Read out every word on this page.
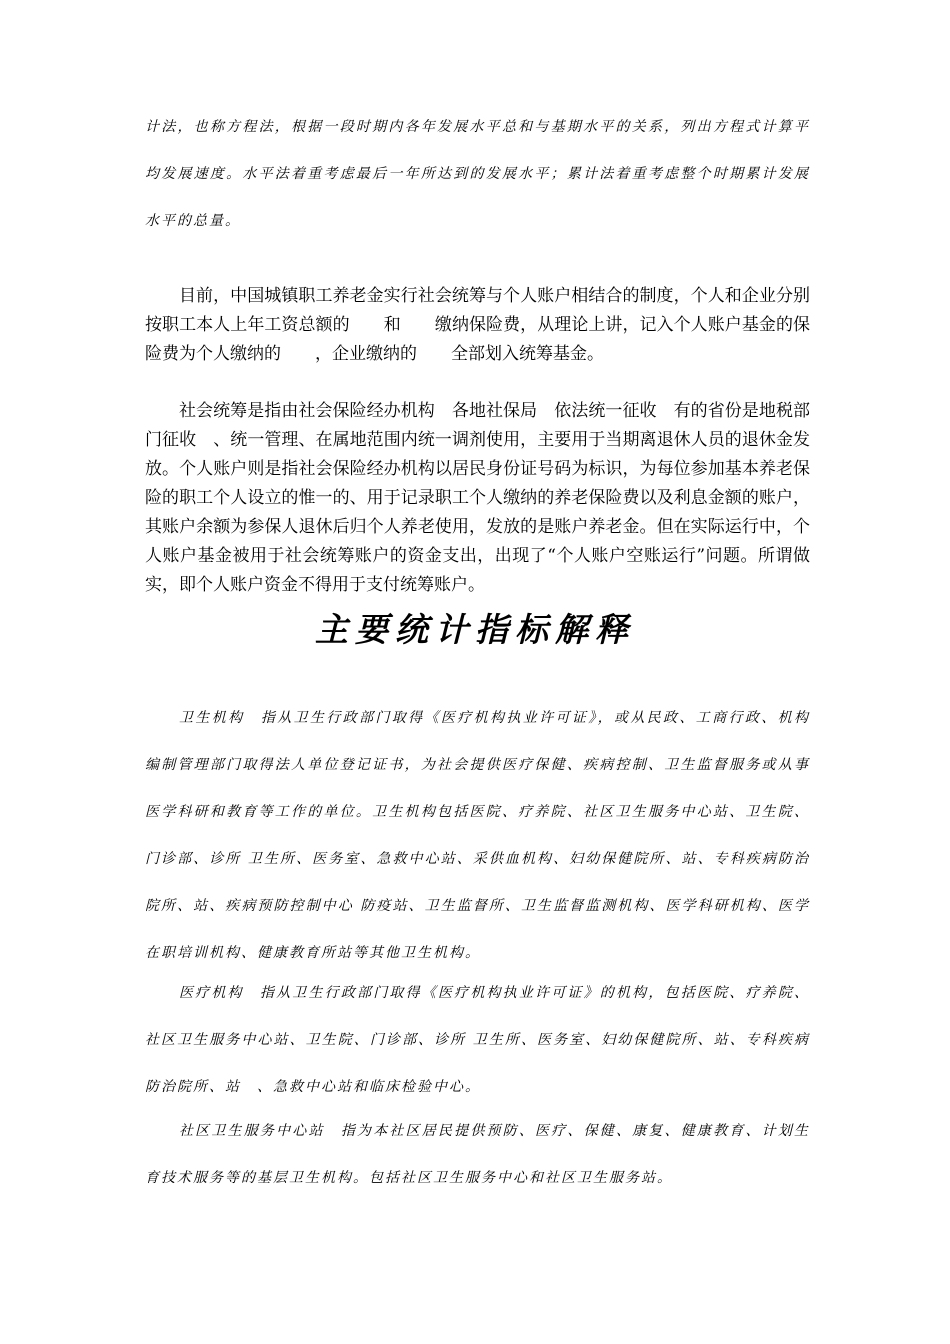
计法，也称方程法，根据一段时期内各年发展水平总和与基期水平的关系，列出方程式计算平均发展速度。水平法着重考虑最后一年所达到的发展水平；累计法着重考虑整个时期累计发展水平的总量。

目前，中国城镇职工养老金实行社会统筹与个人账户相结合的制度，个人和企业分别按职工本人上年工资总额的　　和　　缴纳保险费，从理论上讲，记入个人账户基金的保险费为个人缴纳的　　，企业缴纳的　　全部划入统筹基金。

社会统筹是指由社会保险经办机构　各地社保局　依法统一征收　有的省份是地税部门征收　、统一管理、在属地范围内统一调剂使用，主要用于当期离退休人员的退休金发放。个人账户则是指社会保险经办机构以居民身份证号码为标识，为每位参加基本养老保险的职工个人设立的惟一的、用于记录职工个人缴纳的养老保险费以及利息金额的账户，其账户余额为参保人退休后归个人养老使用，发放的是账户养老金。但在实际运行中，个人账户基金被用于社会统筹账户的资金支出，出现了“个人账户空账运行”问题。所谓做实，即个人账户资金不得用于支付统筹账户。

主要统计指标解释

卫生机构　指从卫生行政部门取得《医疗机构执业许可证》，或从民政、工商行政、机构编制管理部门取得法人单位登记证书，为社会提供医疗保健、疾病控制、卫生监督服务或从事医学科研和教育等工作的单位。卫生机构包括医院、疗养院、社区卫生服务中心站、卫生院、门诊部、诊所 卫生所、医务室、急救中心站、采供血机构、妇幼保健院所、站、专科疾病防治院所、站、疾病预防控制中心 防疫站、卫生监督所、卫生监督监测机构、医学科研机构、医学在职培训机构、健康教育所站等其他卫生机构。

医疗机构　指从卫生行政部门取得《医疗机构执业许可证》的机构，包括医院、疗养院、社区卫生服务中心站、卫生院、门诊部、诊所 卫生所、医务室、妇幼保健院所、站、专科疾病防治院所、站　、急救中心站和临床检验中心。

社区卫生服务中心站　指为本社区居民提供预防、医疗、保健、康复、健康教育、计划生育技术服务等的基层卫生机构。包括社区卫生服务中心和社区卫生服务站。
